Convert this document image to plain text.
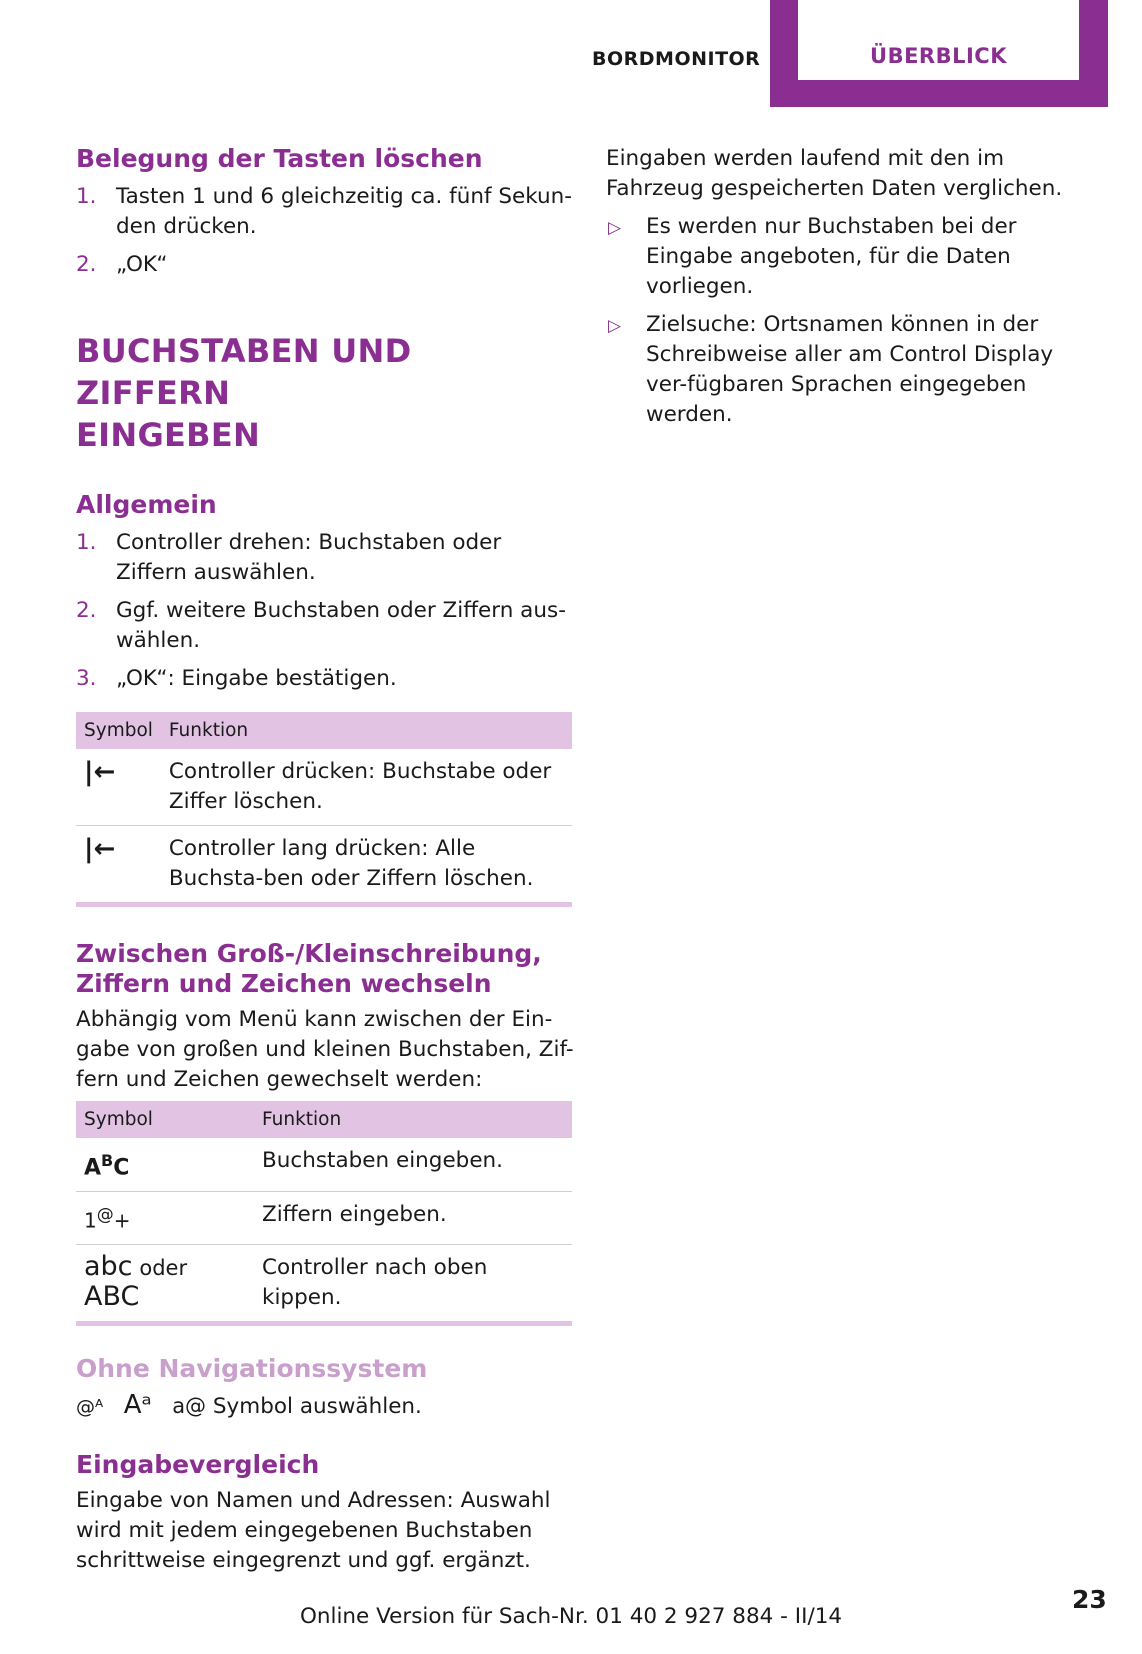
BORDMONITOR	ÜBERBLICK
Belegung der Tasten löschen
1. Tasten 1 und 6 gleichzeitig ca. fünf Sekun-den drücken.
2. „OK“
BUCHSTABEN UND ZIFFERN
EINGEBEN
Allgemein
1. Controller drehen: Buchstaben oder Ziffern auswählen.
2. Ggf. weitere Buchstaben oder Ziffern aus-wählen.
3. „OK“: Eingabe bestätigen.
Symbol	Funktion
|←	Controller drücken: Buchstabe oder Ziffer löschen.
|←	Controller lang drücken: Alle Buchsta-ben oder Ziffern löschen.
Zwischen Groß-/Kleinschreibung,
Ziffern und Zeichen wechseln

Abhängig vom Menü kann zwischen der Ein-gabe von großen und kleinen Buchstaben, Zif-fern und Zeichen gewechselt werden:

Symbol	Funktion
$A^BC$	Buchstaben eingeben.
1@+	Ziffern eingeben.
abc oder
ABC	Controller nach oben kippen.
Ohne Navigationssystem

@ᴬ Aᵃ a@ Symbol auswählen.

Eingabevergleich

Eingabe von Namen und Adressen: Auswahl wird mit jedem eingegebenen Buchstaben schrittweise eingegrenzt und ggf. ergänzt.

Eingaben werden laufend mit den im Fahrzeug gespeicherten Daten verglichen.

▷ Es werden nur Buchstaben bei der Eingabe angeboten, für die Daten vorliegen.
▷ Zielsuche: Ortsnamen können in der Schreibweise aller am Control Display ver-fügbaren Sprachen eingegeben werden.
Online Version für Sach-Nr. 01 40 2 927 884 - II/14
23
